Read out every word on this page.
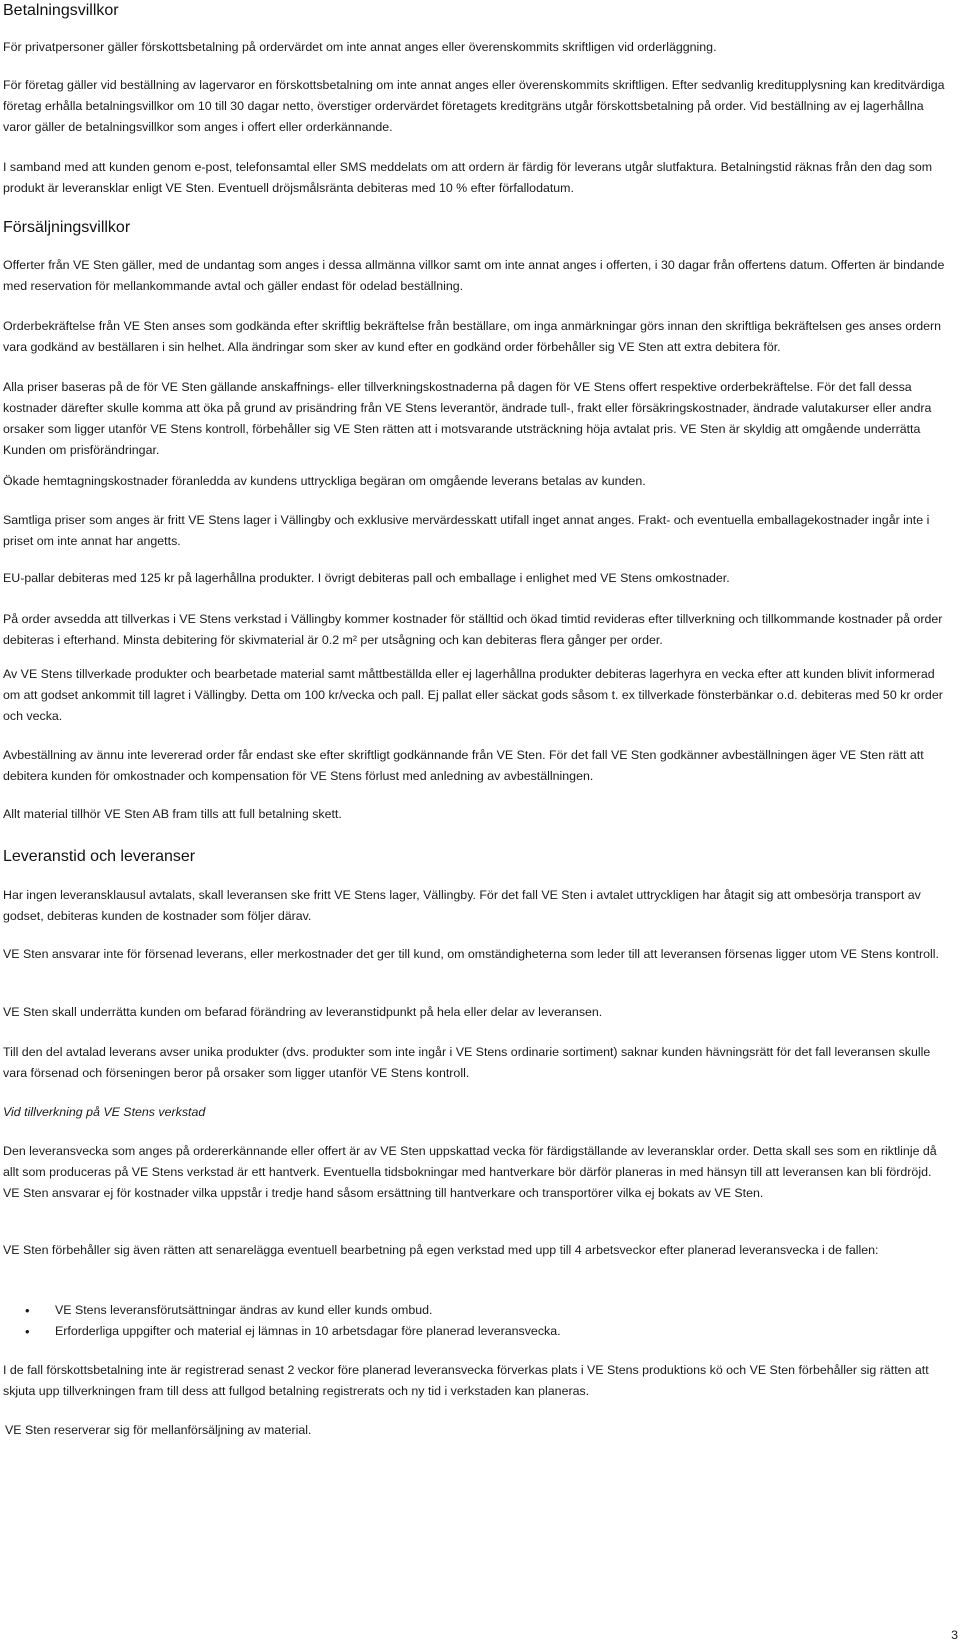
Betalningsvillkor

För privatpersoner gäller förskottsbetalning på ordervärdet om inte annat anges eller överenskommits skriftligen vid orderläggning.

För företag gäller vid beställning av lagervaror en förskottsbetalning om inte annat anges eller överenskommits skriftligen. Efter sedvanlig kreditupplysning kan kreditvärdiga företag erhålla betalningsvillkor om 10 till 30 dagar netto, överstiger ordervärdet företagets kreditgräns utgår förskottsbetalning på order. Vid beställning av ej lagerhållna varor gäller de betalningsvillkor som anges i offert eller orderkännande.

I samband med att kunden genom e-post, telefonsamtal eller SMS meddelats om att ordern är färdig för leverans utgår slutfaktura. Betalningstid räknas från den dag som produkt är leveransklar enligt VE Sten. Eventuell dröjsmålsränta debiteras med 10 % efter förfallodatum.

Försäljningsvillkor

Offerter från VE Sten gäller, med de undantag som anges i dessa allmänna villkor samt om inte annat anges i offerten, i 30 dagar från offertens datum. Offerten är bindande med reservation för mellankommande avtal och gäller endast för odelad beställning.

Orderbekräftelse från VE Sten anses som godkända efter skriftlig bekräftelse från beställare, om inga anmärkningar görs innan den skriftliga bekräftelsen ges anses ordern vara godkänd av beställaren i sin helhet. Alla ändringar som sker av kund efter en godkänd order förbehåller sig VE Sten att extra debitera för.

Alla priser baseras på de för VE Sten gällande anskaffnings- eller tillverkningskostnaderna på dagen för VE Stens offert respektive orderbekräftelse. För det fall dessa kostnader därefter skulle komma att öka på grund av prisändring från VE Stens leverantör, ändrade tull-, frakt eller försäkringskostnader, ändrade valutakurser eller andra orsaker som ligger utanför VE Stens kontroll, förbehåller sig VE Sten rätten att i motsvarande utsträckning höja avtalat pris. VE Sten är skyldig att omgående underrätta Kunden om prisförändringar.

Ökade hemtagningskostnader föranledda av kundens uttryckliga begäran om omgående leverans betalas av kunden.

Samtliga priser som anges är fritt VE Stens lager i Vällingby och exklusive mervärdesskatt utifall inget annat anges. Frakt- och eventuella emballagekostnader ingår inte i priset om inte annat har angetts.

EU-pallar debiteras med 125 kr på lagerhållna produkter. I övrigt debiteras pall och emballage i enlighet med VE Stens omkostnader.

På order avsedda att tillverkas i VE Stens verkstad i Vällingby kommer kostnader för ställtid och ökad timtid revideras efter tillverkning och tillkommande kostnader på order debiteras i efterhand. Minsta debitering för skivmaterial är 0.2 m² per utsågning och kan debiteras flera gånger per order.

Av VE Stens tillverkade produkter och bearbetade material samt måttbeställda eller ej lagerhållna produkter debiteras lagerhyra en vecka efter att kunden blivit informerad om att godset ankommit till lagret i Vällingby. Detta om 100 kr/vecka och pall. Ej pallat eller säckat gods såsom t. ex tillverkade fönsterbänkar o.d. debiteras med 50 kr order och vecka.

Avbeställning av ännu inte levererad order får endast ske efter skriftligt godkännande från VE Sten. För det fall VE Sten godkänner avbeställningen äger VE Sten rätt att debitera kunden för omkostnader och kompensation för VE Stens förlust med anledning av avbeställningen.

Allt material tillhör VE Sten AB fram tills att full betalning skett.

Leveranstid och leveranser

Har ingen leveransklausul avtalats, skall leveransen ske fritt VE Stens lager, Vällingby. För det fall VE Sten i avtalet uttryckligen har åtagit sig att ombesörja transport av godset, debiteras kunden de kostnader som följer därav.

VE Sten ansvarar inte för försenad leverans, eller merkostnader det ger till kund, om omständigheterna som leder till att leveransen försenas ligger utom VE Stens kontroll.

VE Sten skall underrätta kunden om befarad förändring av leveranstidpunkt på hela eller delar av leveransen.

Till den del avtalad leverans avser unika produkter (dvs. produkter som inte ingår i VE Stens ordinarie sortiment) saknar kunden hävningsrätt för det fall leveransen skulle vara försenad och förseningen beror på orsaker som ligger utanför VE Stens kontroll.

Vid tillverkning på VE Stens verkstad

Den leveransvecka som anges på ordererkännande eller offert är av VE Sten uppskattad vecka för färdigställande av leveransklar order. Detta skall ses som en riktlinje då allt som produceras på VE Stens verkstad är ett hantverk. Eventuella tidsbokningar med hantverkare bör därför planeras in med hänsyn till att leveransen kan bli fördröjd. VE Sten ansvarar ej för kostnader vilka uppstår i tredje hand såsom ersättning till hantverkare och transportörer vilka ej bokats av VE Sten.

VE Sten förbehåller sig även rätten att senarelägga eventuell bearbetning på egen verkstad med upp till 4 arbetsveckor efter planerad leveransvecka i de fallen:

• VE Stens leveransförutsättningar ändras av kund eller kunds ombud.
• Erforderliga uppgifter och material ej lämnas in 10 arbetsdagar före planerad leveransvecka.

I de fall förskottsbetalning inte är registrerad senast 2 veckor före planerad leveransvecka förverkas plats i VE Stens produktions kö och VE Sten förbehåller sig rätten att skjuta upp tillverkningen fram till dess att fullgod betalning registrerats och ny tid i verkstaden kan planeras.

VE Sten reserverar sig för mellanförsäljning av material.

3
